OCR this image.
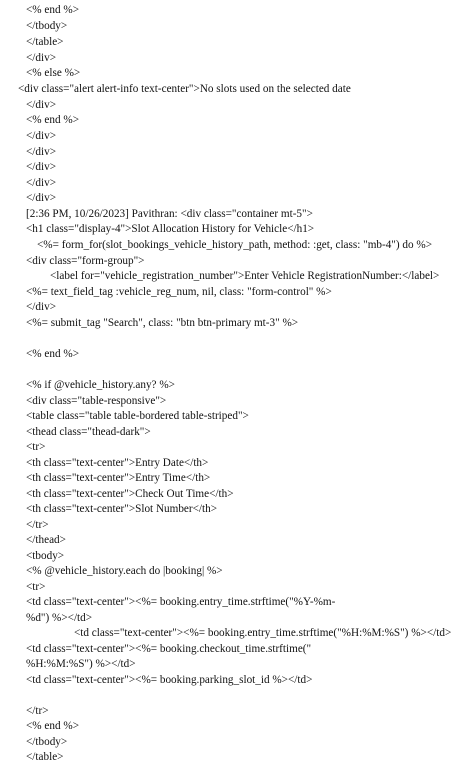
<% end %>
</tbody>
</table>
</div>
<% else %>
<div class="alert alert-info text-center">No slots used on the selected date
</div>
<% end %>
</div>
</div>
</div>
</div>
</div>
[2:36 PM, 10/26/2023] Pavithran: <div class="container mt-5">
<h1 class="display-4">Slot Allocation History for Vehicle</h1>
<%= form_for(slot_bookings_vehicle_history_path, method: :get, class: "mb-4") do %>
<div class="form-group">
<label for="vehicle_registration_number">Enter Vehicle RegistrationNumber:</label>
<%= text_field_tag :vehicle_reg_num, nil, class: "form-control" %>
</div>
<%= submit_tag "Search", class: "btn btn-primary mt-3" %>
<% end %>
<% if @vehicle_history.any? %>
<div class="table-responsive">
<table class="table table-bordered table-striped">
<thead class="thead-dark">
<tr>
<th class="text-center">Entry Date</th>
<th class="text-center">Entry Time</th>
<th class="text-center">Check Out Time</th>
<th class="text-center">Slot Number</th>
</tr>
</thead>
<tbody>
<% @vehicle_history.each do |booking| %>
<tr>
<td class="text-center"><%= booking.entry_time.strftime("%Y-%m-
%d") %></td>
<td class="text-center"><%= booking.entry_time.strftime("%H:%M:%S") %></td>
<td class="text-center"><%= booking.checkout_time.strftime("
%H:%M:%S") %></td>
<td class="text-center"><%= booking.parking_slot_id %></td>
</tr>
<% end %>
</tbody>
</table>
